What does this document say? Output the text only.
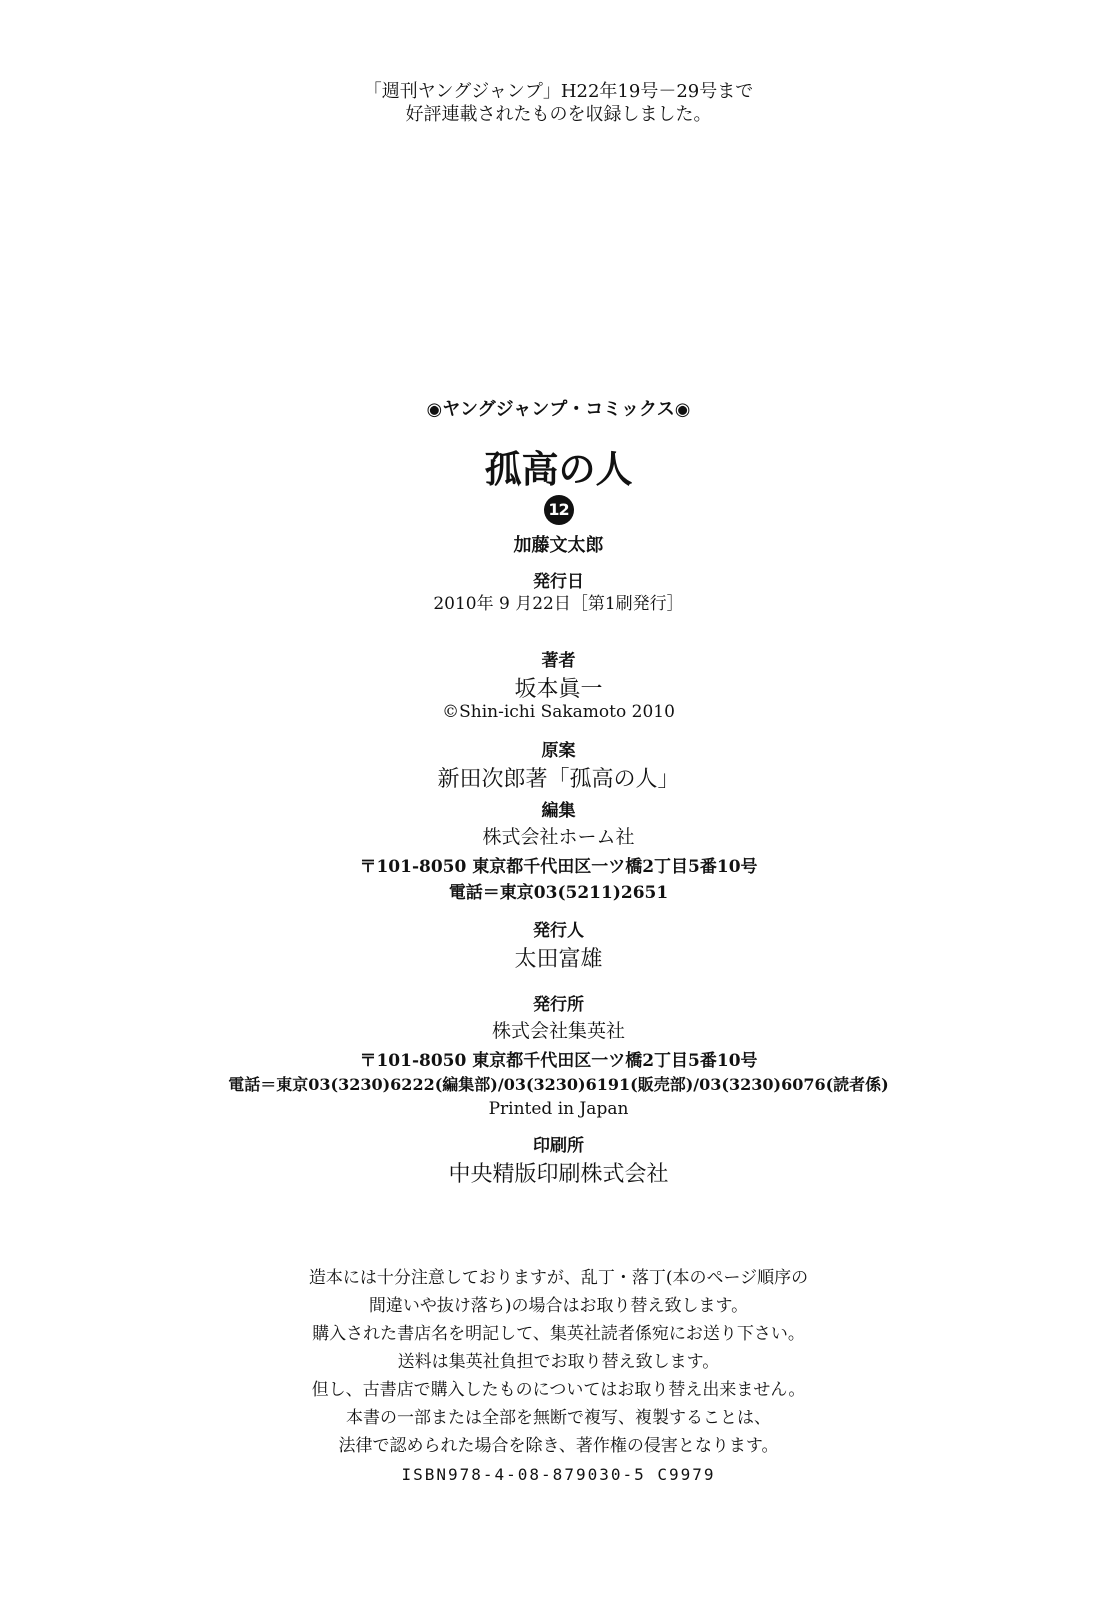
「週刊ヤングジャンプ」H22年19号－29号まで
好評連載されたものを収録しました。
◉ヤングジャンプ・コミックス◉
孤高の人
12
加藤文太郎
発行日
2010年 9 月22日［第1刷発行］
著者
坂本眞一
©Shin-ichi Sakamoto 2010
原案
新田次郎著「孤高の人」
編集
株式会社ホーム社
〒101-8050 東京都千代田区一ツ橋2丁目5番10号
電話＝東京03(5211)2651
発行人
太田富雄
発行所
株式会社集英社
〒101-8050 東京都千代田区一ツ橋2丁目5番10号
電話＝東京03(3230)6222(編集部)/03(3230)6191(販売部)/03(3230)6076(読者係)
Printed in Japan
印刷所
中央精版印刷株式会社
造本には十分注意しておりますが、乱丁・落丁(本のページ順序の
間違いや抜け落ち)の場合はお取り替え致します。
購入された書店名を明記して、集英社読者係宛にお送り下さい。
送料は集英社負担でお取り替え致します。
但し、古書店で購入したものについてはお取り替え出来ません。
本書の一部または全部を無断で複写、複製することは、
法律で認められた場合を除き、著作権の侵害となります。
ISBN978-4-08-879030-5 C9979
